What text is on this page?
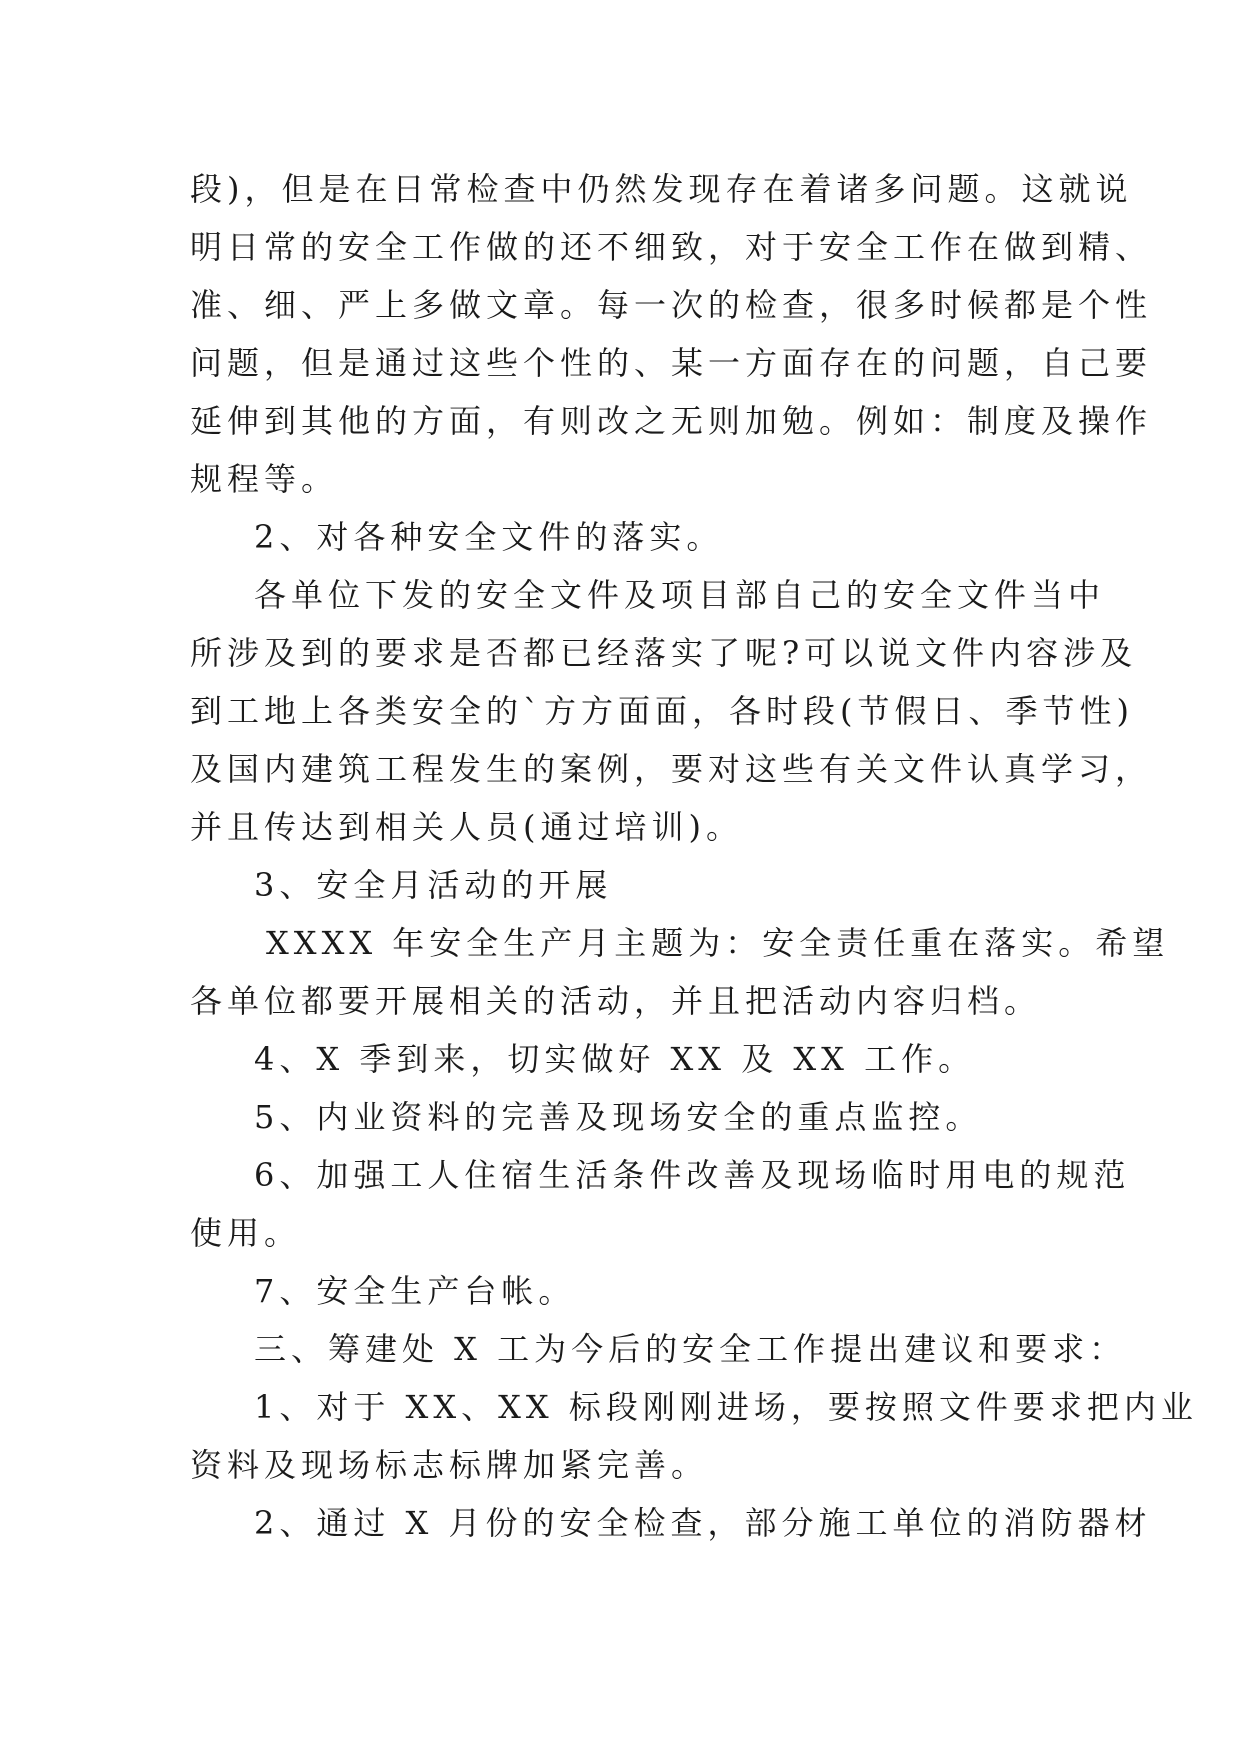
段)，但是在日常检查中仍然发现存在着诸多问题。这就说
明日常的安全工作做的还不细致，对于安全工作在做到精、
准、细、严上多做文章。每一次的检查，很多时候都是个性
问题，但是通过这些个性的、某一方面存在的问题，自己要
延伸到其他的方面，有则改之无则加勉。例如：制度及操作
规程等。
2、对各种安全文件的落实。
各单位下发的安全文件及项目部自己的安全文件当中
所涉及到的要求是否都已经落实了呢?可以说文件内容涉及
到工地上各类安全的`方方面面，各时段(节假日、季节性)
及国内建筑工程发生的案例，要对这些有关文件认真学习，
并且传达到相关人员(通过培训)。
3、安全月活动的开展
XXXX 年安全生产月主题为：安全责任重在落实。希望
各单位都要开展相关的活动，并且把活动内容归档。
4、X 季到来，切实做好 XX 及 XX 工作。
5、内业资料的完善及现场安全的重点监控。
6、加强工人住宿生活条件改善及现场临时用电的规范
使用。
7、安全生产台帐。
三、筹建处 X 工为今后的安全工作提出建议和要求：
1、对于 XX、XX 标段刚刚进场，要按照文件要求把内业
资料及现场标志标牌加紧完善。
2、通过 X 月份的安全检查，部分施工单位的消防器材
